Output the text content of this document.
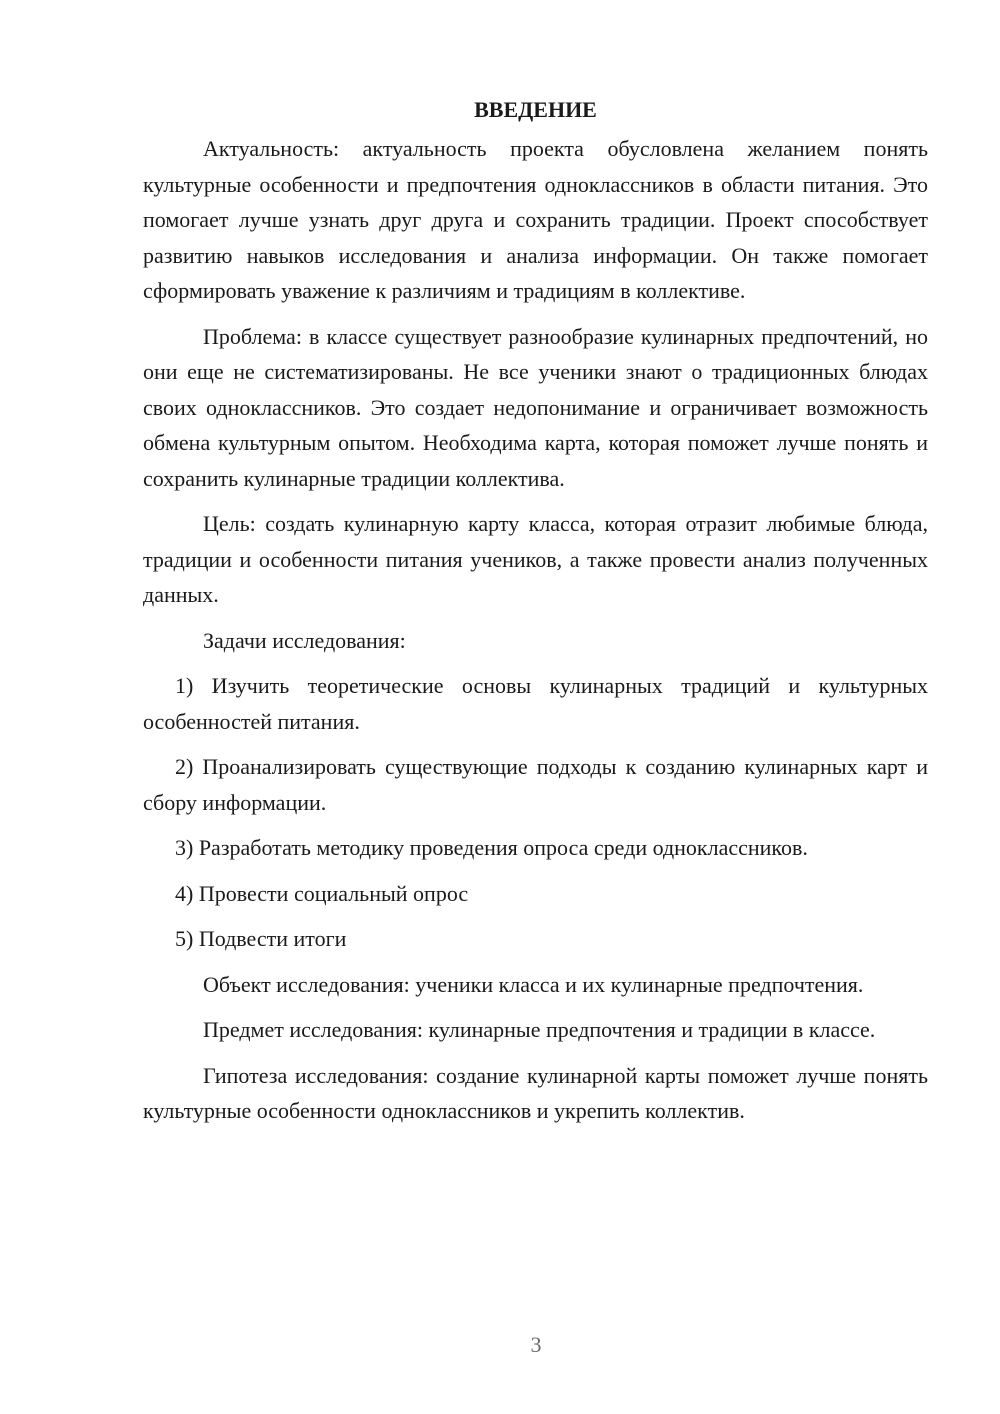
ВВЕДЕНИЕ

Актуальность: актуальность проекта обусловлена желанием понять культурные особенности и предпочтения одноклассников в области питания. Это помогает лучше узнать друг друга и сохранить традиции. Проект способствует развитию навыков исследования и анализа информации. Он также помогает сформировать уважение к различиям и традициям в коллективе.

Проблема: в классе существует разнообразие кулинарных предпочтений, но они еще не систематизированы. Не все ученики знают о традиционных блюдах своих одноклассников. Это создает недопонимание и ограничивает возможность обмена культурным опытом. Необходима карта, которая поможет лучше понять и сохранить кулинарные традиции коллектива.

Цель: создать кулинарную карту класса, которая отразит любимые блюда, традиции и особенности питания учеников, а также провести анализ полученных данных.

Задачи исследования:

1) Изучить теоретические основы кулинарных традиций и культурных особенностей питания.

2) Проанализировать существующие подходы к созданию кулинарных карт и сбору информации.

3) Разработать методику проведения опроса среди одноклассников.

4) Провести социальный опрос

5) Подвести итоги

Объект исследования: ученики класса и их кулинарные предпочтения.

Предмет исследования: кулинарные предпочтения и традиции в классе.

Гипотеза исследования: создание кулинарной карты поможет лучше понять культурные особенности одноклассников и укрепить коллектив.

3
